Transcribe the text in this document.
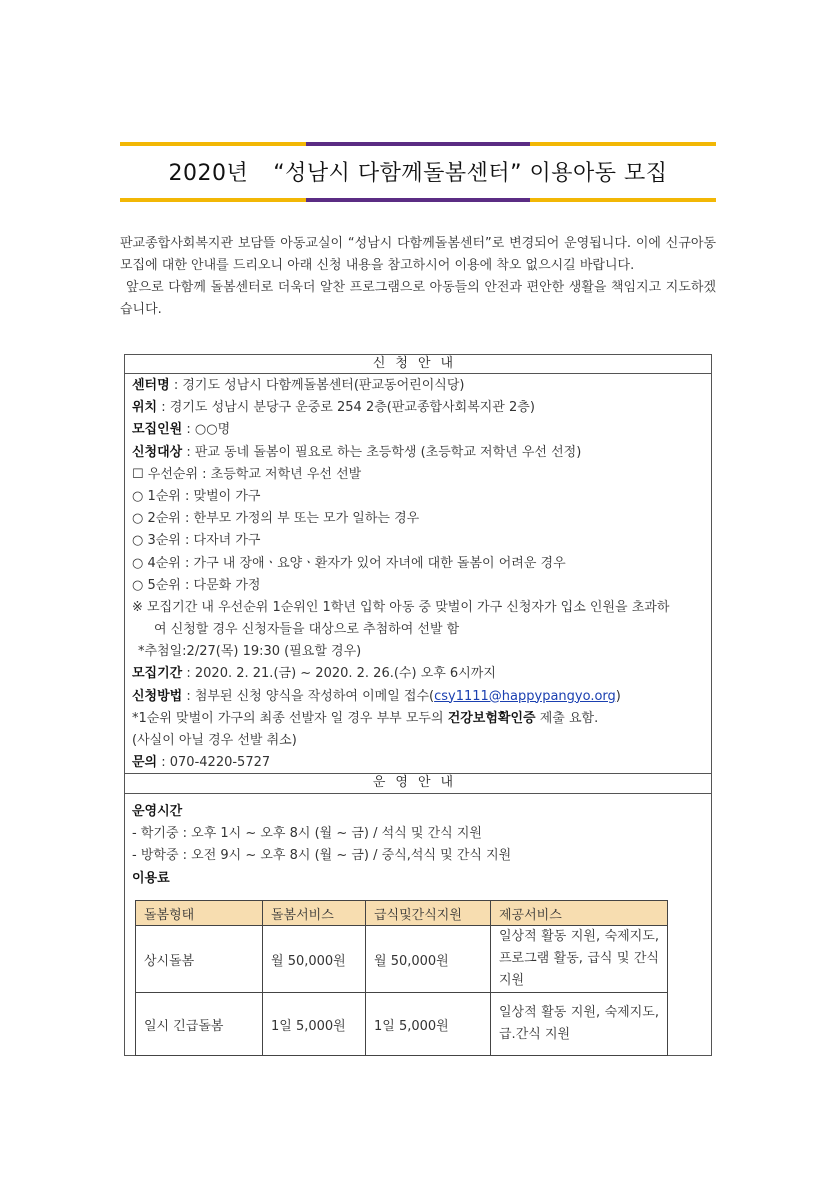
2020년 “성남시 다함께돌봄센터” 이용아동 모집

판교종합사회복지관 보담뜰 아동교실이 “성남시 다함께돌봄센터”로 변경되어 운영됩니다. 이에 신규아동모집에 대한 안내를 드리오니 아래 신청 내용을 참고하시어 이용에 착오 없으시길 바랍니다.

앞으로 다함께 돌봄센터로 더욱더 알찬 프로그램으로 아동들의 안전과 편안한 생활을 책임지고 지도하겠습니다.

신청안내
센터명 : 경기도 성남시 다함께돌봄센터(판교동어린이식당)
위치 : 경기도 성남시 분당구 운중로 254 2층(판교종합사회복지관 2층)
모집인원 : ○○명
신청대상 : 판교 동네 돌봄이 필요로 하는 초등학생 (초등학교 저학년 우선 선정)
☐ 우선순위 : 초등학교 저학년 우선 선발
○ 1순위 : 맞벌이 가구
○ 2순위 : 한부모 가정의 부 또는 모가 일하는 경우
○ 3순위 : 다자녀 가구
○ 4순위 : 가구 내 장애ㆍ요양ㆍ환자가 있어 자녀에 대한 돌봄이 어려운 경우
○ 5순위 : 다문화 가정
※ 모집기간 내 우선순위 1순위인 1학년 입학 아동 중 맞벌이 가구 신청자가 입소 인원을 초과하
여 신청할 경우 신청자들을 대상으로 추첨하여 선발 함
*추첨일:2/27(목) 19:30 (필요할 경우)
모집기간 : 2020. 2. 21.(금) ~ 2020. 2. 26.(수) 오후 6시까지
신청방법 : 첨부된 신청 양식을 작성하여 이메일 접수(csy1111@happypangyo.org)
*1순위 맞벌이 가구의 최종 선발자 일 경우 부부 모두의 건강보험확인증 제출 요함.
(사실이 아닐 경우 선발 취소)
문의 : 070-4220-5727
운영안내
운영시간
- 학기중 : 오후 1시 ~ 오후 8시 (월 ~ 금) / 석식 및 간식 지원
- 방학중 : 오전 9시 ~ 오후 8시 (월 ~ 금) / 중식,석식 및 간식 지원
이용료
돌봄형태	돌봄서비스	급식및간식지원	제공서비스
상시돌봄	월 50,000원	월 50,000원	일상적 활동 지원, 숙제지도, 프로그램 활동, 급식 및 간식 지원
일시 긴급돌봄	1일 5,000원	1일 5,000원	일상적 활동 지원, 숙제지도, 급.간식 지원
